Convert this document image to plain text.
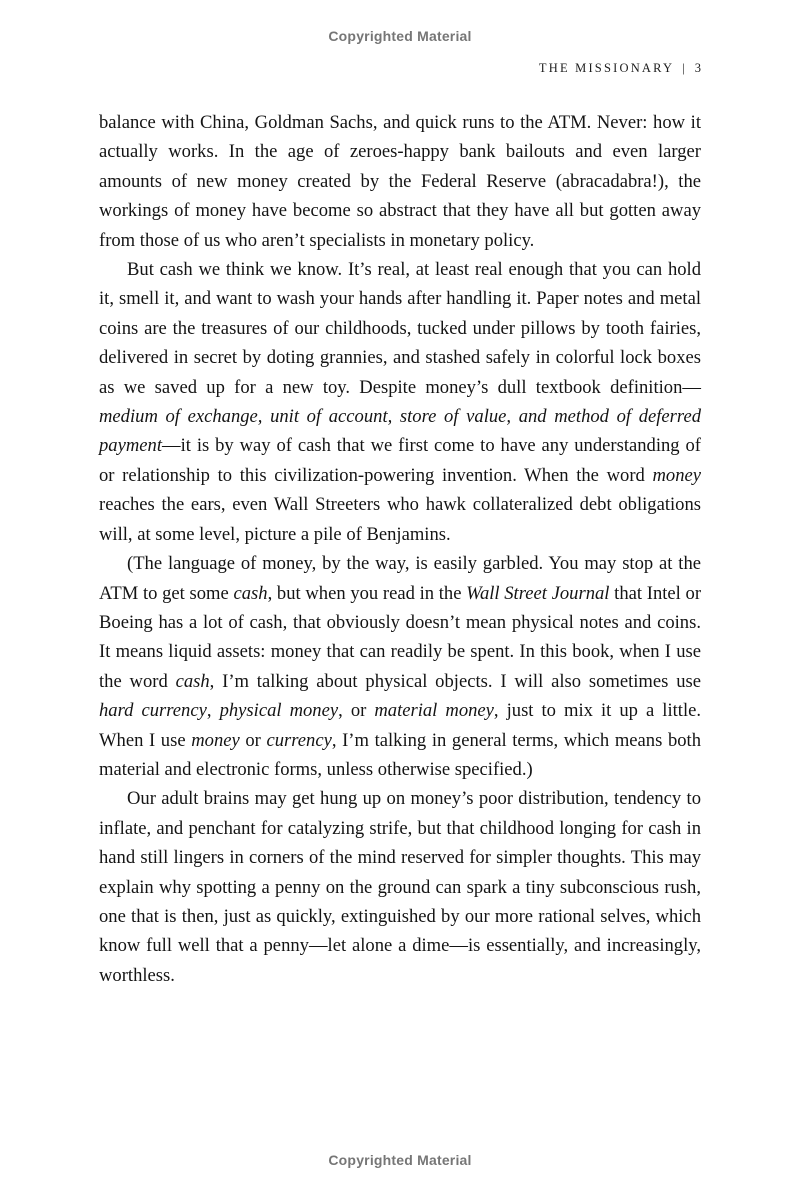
Copyrighted Material
THE MISSIONARY | 3

balance with China, Goldman Sachs, and quick runs to the ATM. Never: how it actually works. In the age of zeroes-happy bank bailouts and even larger amounts of new money created by the Federal Reserve (abracadabra!), the workings of money have become so abstract that they have all but gotten away from those of us who aren’t specialists in monetary policy.

But cash we think we know. It’s real, at least real enough that you can hold it, smell it, and want to wash your hands after handling it. Paper notes and metal coins are the treasures of our childhoods, tucked under pillows by tooth fairies, delivered in secret by doting grannies, and stashed safely in colorful lock boxes as we saved up for a new toy. Despite money’s dull textbook definition—medium of exchange, unit of account, store of value, and method of deferred payment—it is by way of cash that we first come to have any understanding of or relationship to this civilization-powering invention. When the word money reaches the ears, even Wall Streeters who hawk collateralized debt obligations will, at some level, picture a pile of Benjamins.

(The language of money, by the way, is easily garbled. You may stop at the ATM to get some cash, but when you read in the Wall Street Journal that Intel or Boeing has a lot of cash, that obviously doesn’t mean physical notes and coins. It means liquid assets: money that can readily be spent. In this book, when I use the word cash, I’m talking about physical objects. I will also sometimes use hard currency, physical money, or material money, just to mix it up a little. When I use money or currency, I’m talking in general terms, which means both material and electronic forms, unless otherwise specified.)

Our adult brains may get hung up on money’s poor distribution, tendency to inflate, and penchant for catalyzing strife, but that childhood longing for cash in hand still lingers in corners of the mind reserved for simpler thoughts. This may explain why spotting a penny on the ground can spark a tiny subconscious rush, one that is then, just as quickly, extinguished by our more rational selves, which know full well that a penny—let alone a dime—is essentially, and increasingly, worthless.

Copyrighted Material
